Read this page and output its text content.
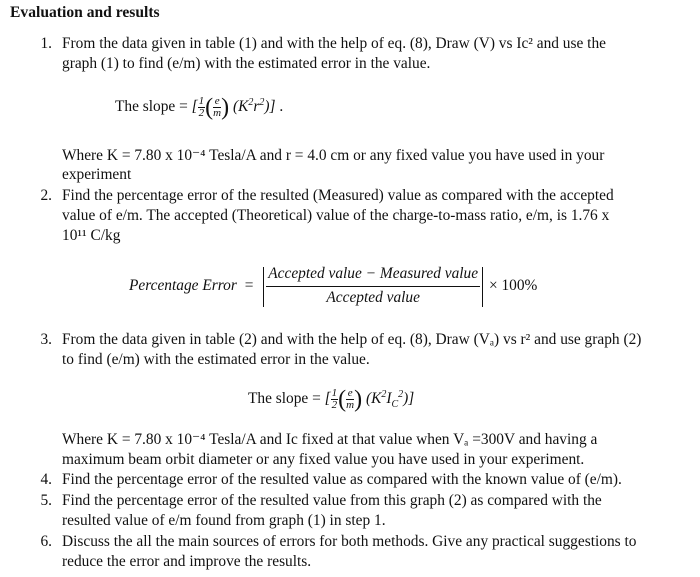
Evaluation and results
1. From the data given in table (1) and with the help of eq. (8), Draw (V) vs Ic² and use the
graph (1) to find (e/m) with the estimated error in the value.
The slope = [ $\frac{1}{2}$ ( $\frac{e}{m}$ ) $(K^2r^2)$] .
Where K = 7.80 x 10⁻⁴ Tesla/A and r = 4.0 cm or any fixed value you have used in your
experiment
2. Find the percentage error of the resulted (Measured) value as compared with the accepted
value of e/m. The accepted (Theoretical) value of the charge-to-mass ratio, e/m, is 1.76 x
10¹¹ C/kg
Percentage Error =
Accepted value − Measured value
Accepted value
× 100%
3. From the data given in table (2) and with the help of eq. (8), Draw (Vₐ) vs r² and use graph (2)
to find (e/m) with the estimated error in the value.
The slope = [ $\frac{1}{2}$ ( $\frac{e}{m}$ ) $(K^2I_C^2)$]
Where K = 7.80 x 10⁻⁴ Tesla/A and Ic fixed at that value when Vₐ =300V and having a
maximum beam orbit diameter or any fixed value you have used in your experiment.
4. Find the percentage error of the resulted value as compared with the known value of (e/m).
5. Find the percentage error of the resulted value from this graph (2) as compared with the
resulted value of e/m found from graph (1) in step 1.
6. Discuss the all the main sources of errors for both methods. Give any practical suggestions to
reduce the error and improve the results.
